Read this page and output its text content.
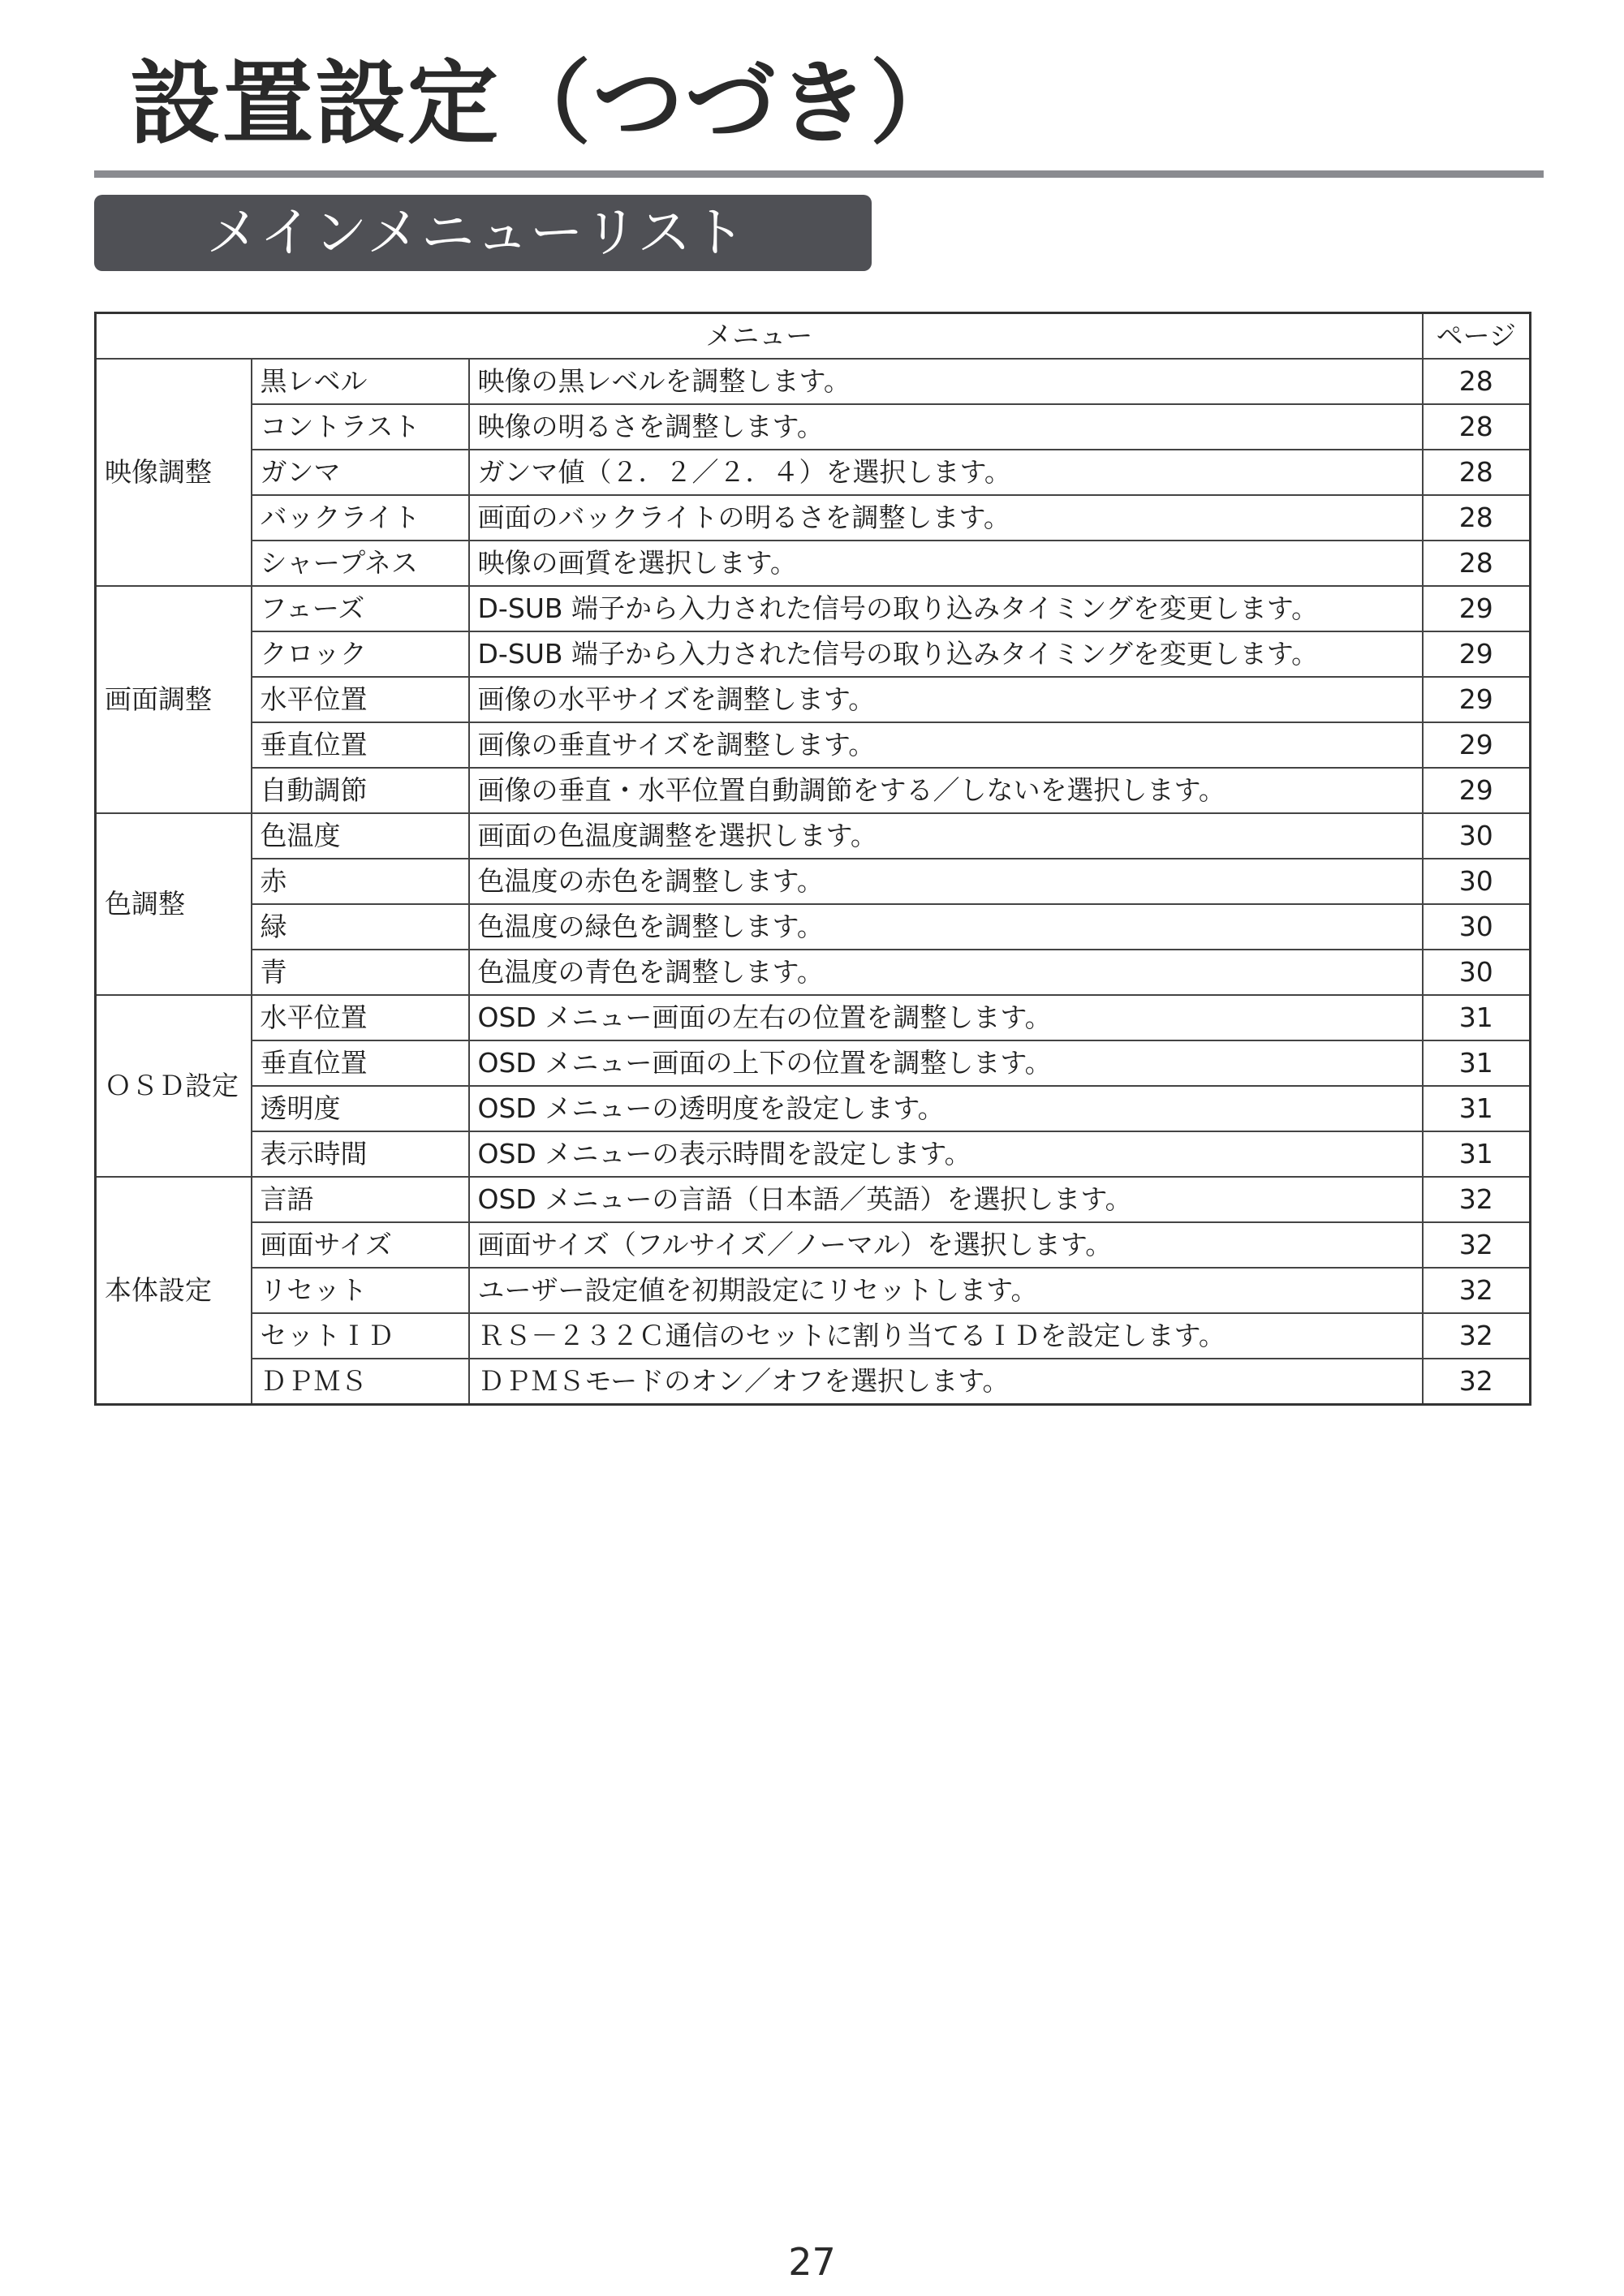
設置設定（つづき）
メインメニューリスト
メニュー			ページ
映像調整	黒レベル	映像の黒レベルを調整します。	28
	コントラスト	映像の明るさを調整します。	28
	ガンマ	ガンマ値（２．２／２．４）を選択します。	28
	バックライト	画面のバックライトの明るさを調整します。	28
	シャープネス	映像の画質を選択します。	28
画面調整	フェーズ	D-SUB 端子から入力された信号の取り込みタイミングを変更します。	29
	クロック	D-SUB 端子から入力された信号の取り込みタイミングを変更します。	29
	水平位置	画像の水平サイズを調整します。	29
	垂直位置	画像の垂直サイズを調整します。	29
	自動調節	画像の垂直・水平位置自動調節をする／しないを選択します。	29
色調整	色温度	画面の色温度調整を選択します。	30
	赤	色温度の赤色を調整します。	30
	緑	色温度の緑色を調整します。	30
	青	色温度の青色を調整します。	30
ＯＳＤ設定	水平位置	OSD メニュー画面の左右の位置を調整します。	31
	垂直位置	OSD メニュー画面の上下の位置を調整します。	31
	透明度	OSD メニューの透明度を設定します。	31
	表示時間	OSD メニューの表示時間を設定します。	31
本体設定	言語	OSD メニューの言語（日本語／英語）を選択します。	32
	画面サイズ	画面サイズ（フルサイズ／ノーマル）を選択します。	32
	リセット	ユーザー設定値を初期設定にリセットします。	32
	セットＩＤ	ＲＳ－２３２Ｃ通信のセットに割り当てるＩＤを設定します。	32
	ＤＰＭＳ	ＤＰＭＳモードのオン／オフを選択します。	32
27
